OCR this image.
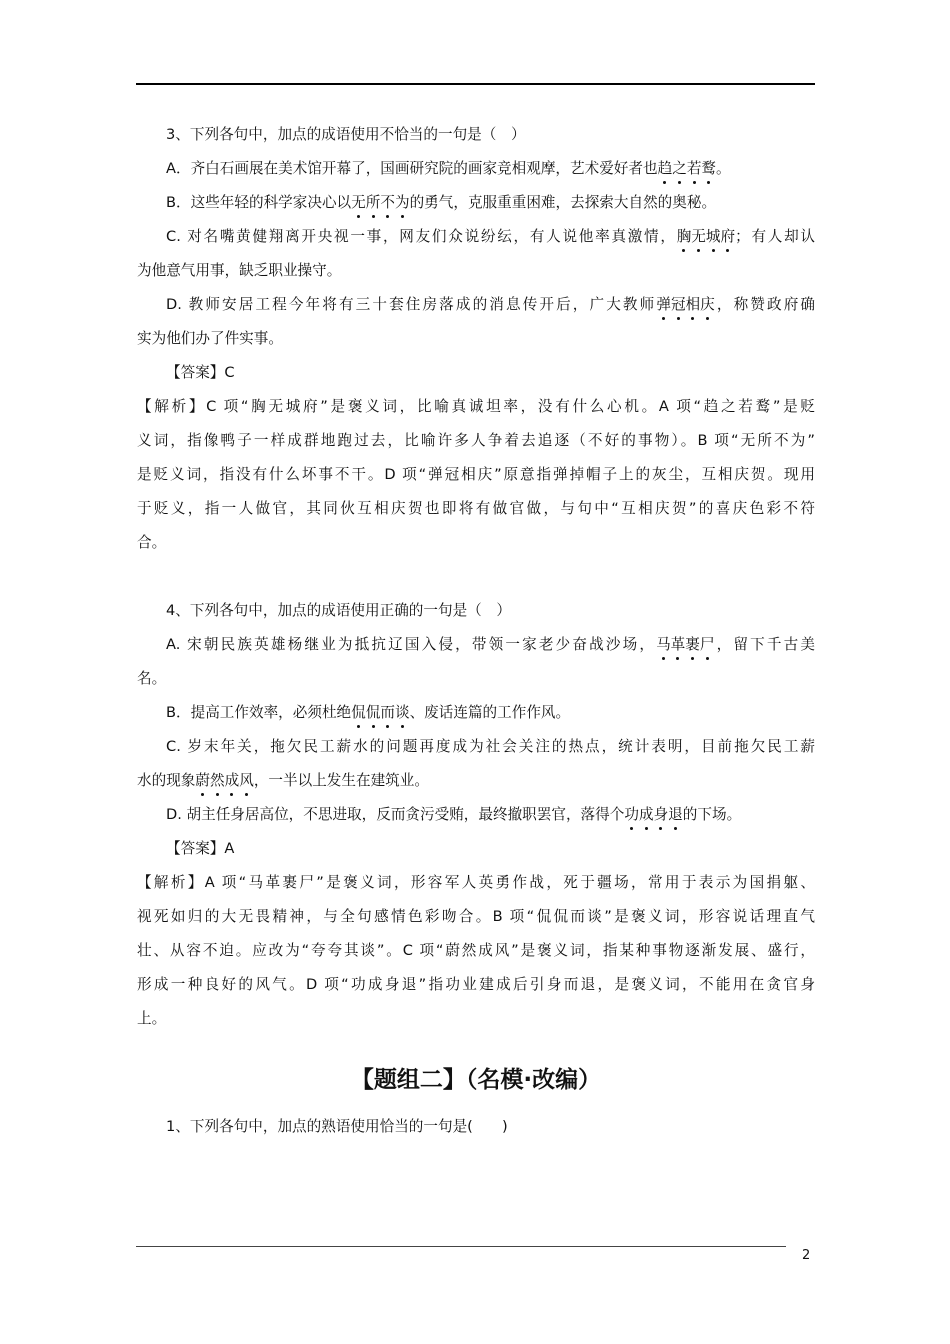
3、下列各句中，加点的成语使用不恰当的一句是（　）
A．齐白石画展在美术馆开幕了，国画研究院的画家竞相观摩，艺术爱好者也趋之若鹜。
B．这些年轻的科学家决心以无所不为的勇气，克服重重困难，去探索大自然的奥秘。
C. 对名嘴黄健翔离开央视一事，网友们众说纷纭，有人说他率真激情，胸无城府；有人却认
为他意气用事，缺乏职业操守。
D. 教师安居工程今年将有三十套住房落成的消息传开后，广大教师弹冠相庆，称赞政府确
实为他们办了件实事。
【答案】C
【解析】C 项“胸无城府”是褒义词，比喻真诚坦率，没有什么心机。A 项“趋之若鹜”是贬
义词，指像鸭子一样成群地跑过去，比喻许多人争着去追逐（不好的事物）。B 项“无所不为”
是贬义词，指没有什么坏事不干。D 项“弹冠相庆”原意指弹掉帽子上的灰尘，互相庆贺。现用
于贬义，指一人做官，其同伙互相庆贺也即将有做官做，与句中“互相庆贺”的喜庆色彩不符
合。
4、下列各句中，加点的成语使用正确的一句是（　）
A. 宋朝民族英雄杨继业为抵抗辽国入侵，带领一家老少奋战沙场，马革裹尸，留下千古美
名。
B．提高工作效率，必须杜绝侃侃而谈、废话连篇的工作作风。
C. 岁末年关，拖欠民工薪水的问题再度成为社会关注的热点，统计表明，目前拖欠民工薪
水的现象蔚然成风，一半以上发生在建筑业。
D. 胡主任身居高位，不思进取，反而贪污受贿，最终撤职罢官，落得个功成身退的下场。
【答案】A
【解析】A 项“马革裹尸”是褒义词，形容军人英勇作战，死于疆场，常用于表示为国捐躯、
视死如归的大无畏精神，与全句感情色彩吻合。B 项“侃侃而谈”是褒义词，形容说话理直气
壮、从容不迫。应改为“夸夸其谈”。C 项“蔚然成风”是褒义词，指某种事物逐渐发展、盛行，
形成一种良好的风气。D 项“功成身退”指功业建成后引身而退，是褒义词，不能用在贪官身
上。
【题组二】（名模·改编）
1、下列各句中，加点的熟语使用恰当的一句是(　　)
2
